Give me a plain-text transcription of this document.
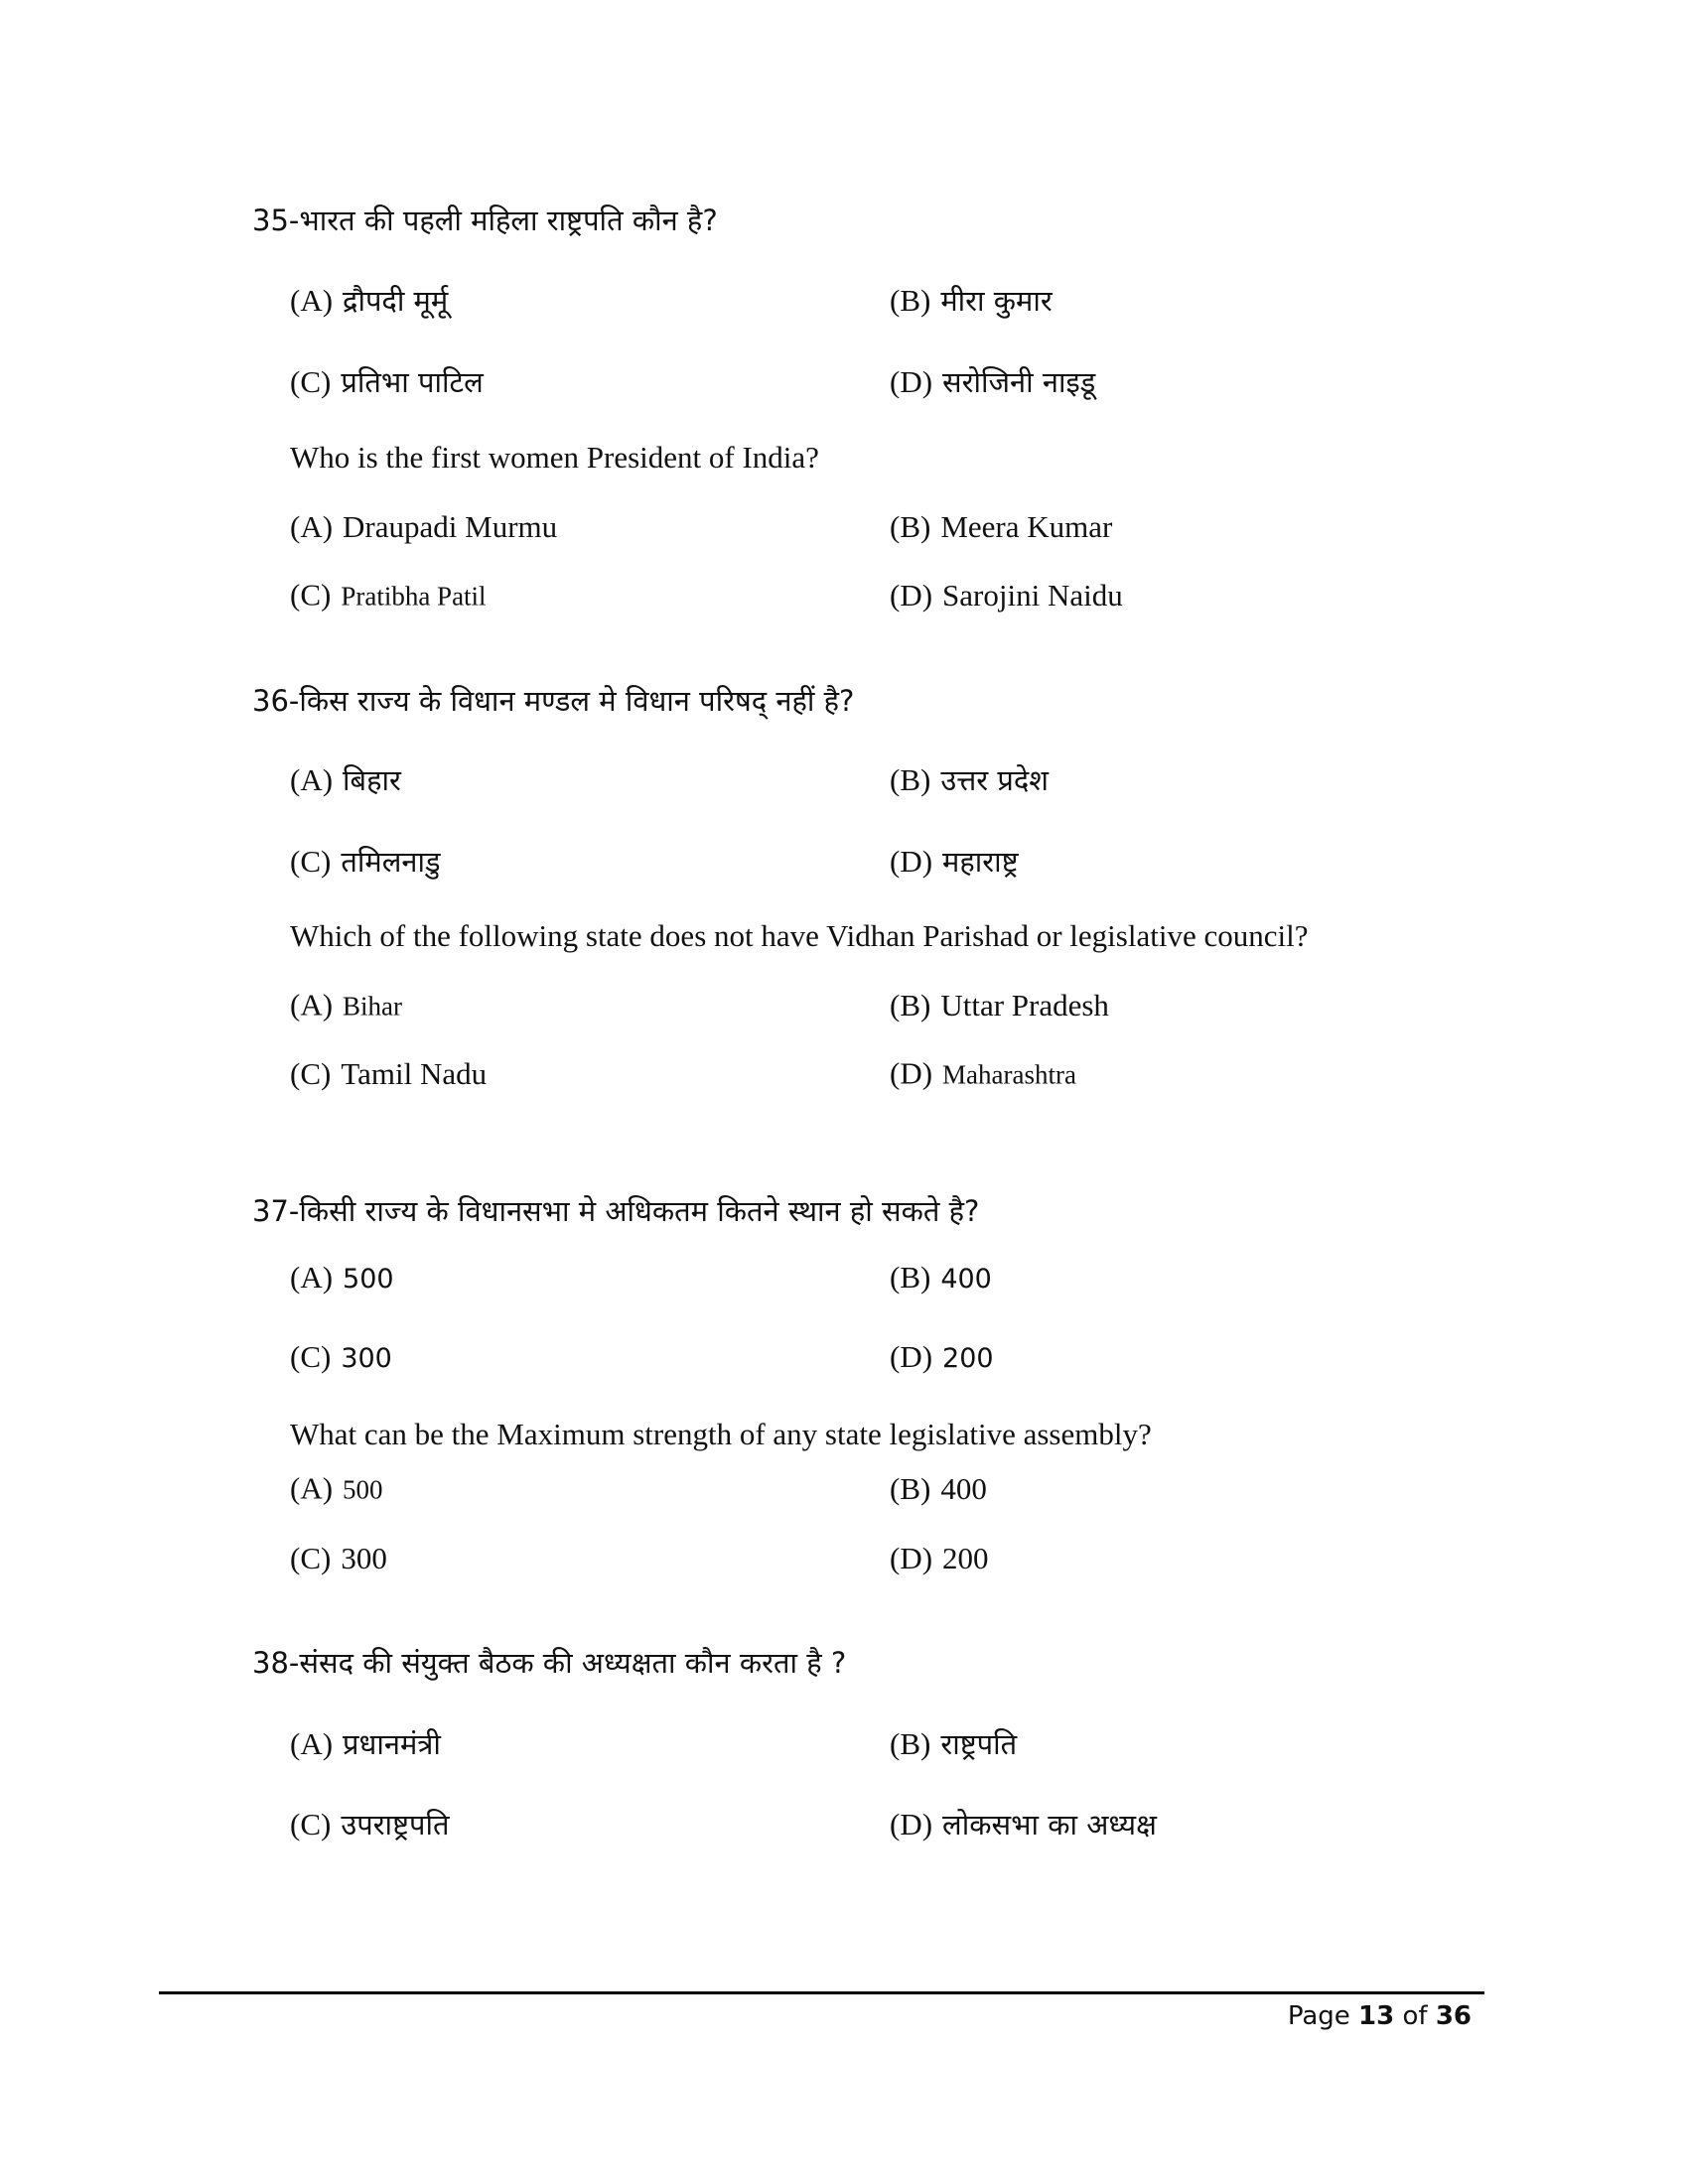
35-भारत की पहली महिला राष्ट्रपति कौन है?
(A) द्रौपदी मूर्मू	(B) मीरा कुमार
(C) प्रतिभा पाटिल	(D) सरोजिनी नाइडू
Who is the first women President of India?
(A) Draupadi Murmu	(B) Meera Kumar
(C) Pratibha Patil	(D) Sarojini Naidu
36-किस राज्य के विधान मण्डल मे विधान परिषद् नहीं है?
(A) बिहार	(B) उत्तर प्रदेश
(C) तमिलनाडु	(D) महाराष्ट्र
Which of the following state does not have Vidhan Parishad or legislative council?
(A) Bihar	(B) Uttar Pradesh
(C) Tamil Nadu	(D) Maharashtra
37-किसी राज्य के विधानसभा मे अधिकतम कितने स्थान हो सकते है?
(A) 500	(B) 400
(C) 300	(D) 200
What can be the Maximum strength of any state legislative assembly?
(A) 500	(B) 400
(C) 300	(D) 200
38-संसद की संयुक्त बैठक की अध्यक्षता कौन करता है ?
(A) प्रधानमंत्री	(B) राष्ट्रपति
(C) उपराष्ट्रपति	(D) लोकसभा का अध्यक्ष
Page 13 of 36
